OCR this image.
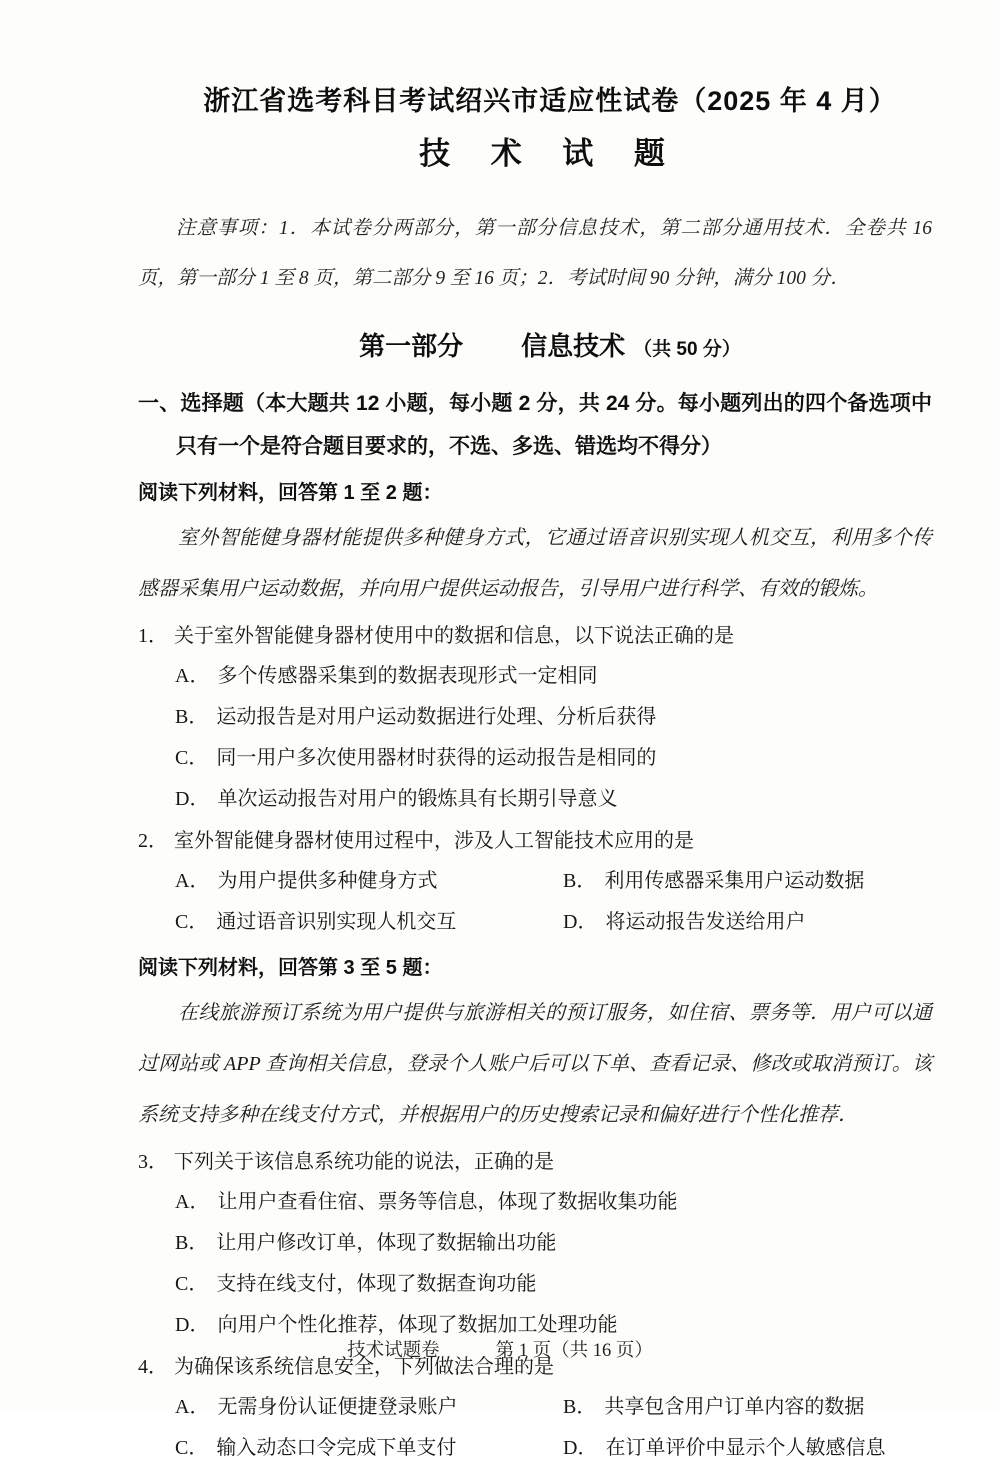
浙江省选考科目考试绍兴市适应性试卷（2025 年 4 月）
技 术 试 题
注意事项：1．本试卷分两部分，第一部分信息技术，第二部分通用技术．全卷共 16 页，第一部分 1 至 8 页，第二部分 9 至 16 页；2．考试时间 90 分钟，满分 100 分．
第一部分 信息技术 （共 50 分）
一、选择题（本大题共 12 小题，每小题 2 分，共 24 分。每小题列出的四个备选项中只有一个是符合题目要求的，不选、多选、错选均不得分）
阅读下列材料，回答第 1 至 2 题：
室外智能健身器材能提供多种健身方式，它通过语音识别实现人机交互，利用多个传感器采集用户运动数据，并向用户提供运动报告，引导用户进行科学、有效的锻炼。
1． 关于室外智能健身器材使用中的数据和信息，以下说法正确的是
A． 多个传感器采集到的数据表现形式一定相同
B． 运动报告是对用户运动数据进行处理、分析后获得
C． 同一用户多次使用器材时获得的运动报告是相同的
D． 单次运动报告对用户的锻炼具有长期引导意义
2． 室外智能健身器材使用过程中，涉及人工智能技术应用的是
A． 为用户提供多种健身方式	B． 利用传感器采集用户运动数据
C． 通过语音识别实现人机交互	D． 将运动报告发送给用户
阅读下列材料，回答第 3 至 5 题：
在线旅游预订系统为用户提供与旅游相关的预订服务，如住宿、票务等．用户可以通过网站或 APP 查询相关信息，登录个人账户后可以下单、查看记录、修改或取消预订。该系统支持多种在线支付方式，并根据用户的历史搜索记录和偏好进行个性化推荐．
3． 下列关于该信息系统功能的说法，正确的是
A． 让用户查看住宿、票务等信息，体现了数据收集功能
B． 让用户修改订单，体现了数据输出功能
C． 支持在线支付，体现了数据查询功能
D． 向用户个性化推荐，体现了数据加工处理功能
4． 为确保该系统信息安全，下列做法合理的是
A． 无需身份认证便捷登录账户	B． 共享包含用户订单内容的数据
C． 输入动态口令完成下单支付	D． 在订单评价中显示个人敏感信息
技术试题卷	第 1 页（共 16 页）
